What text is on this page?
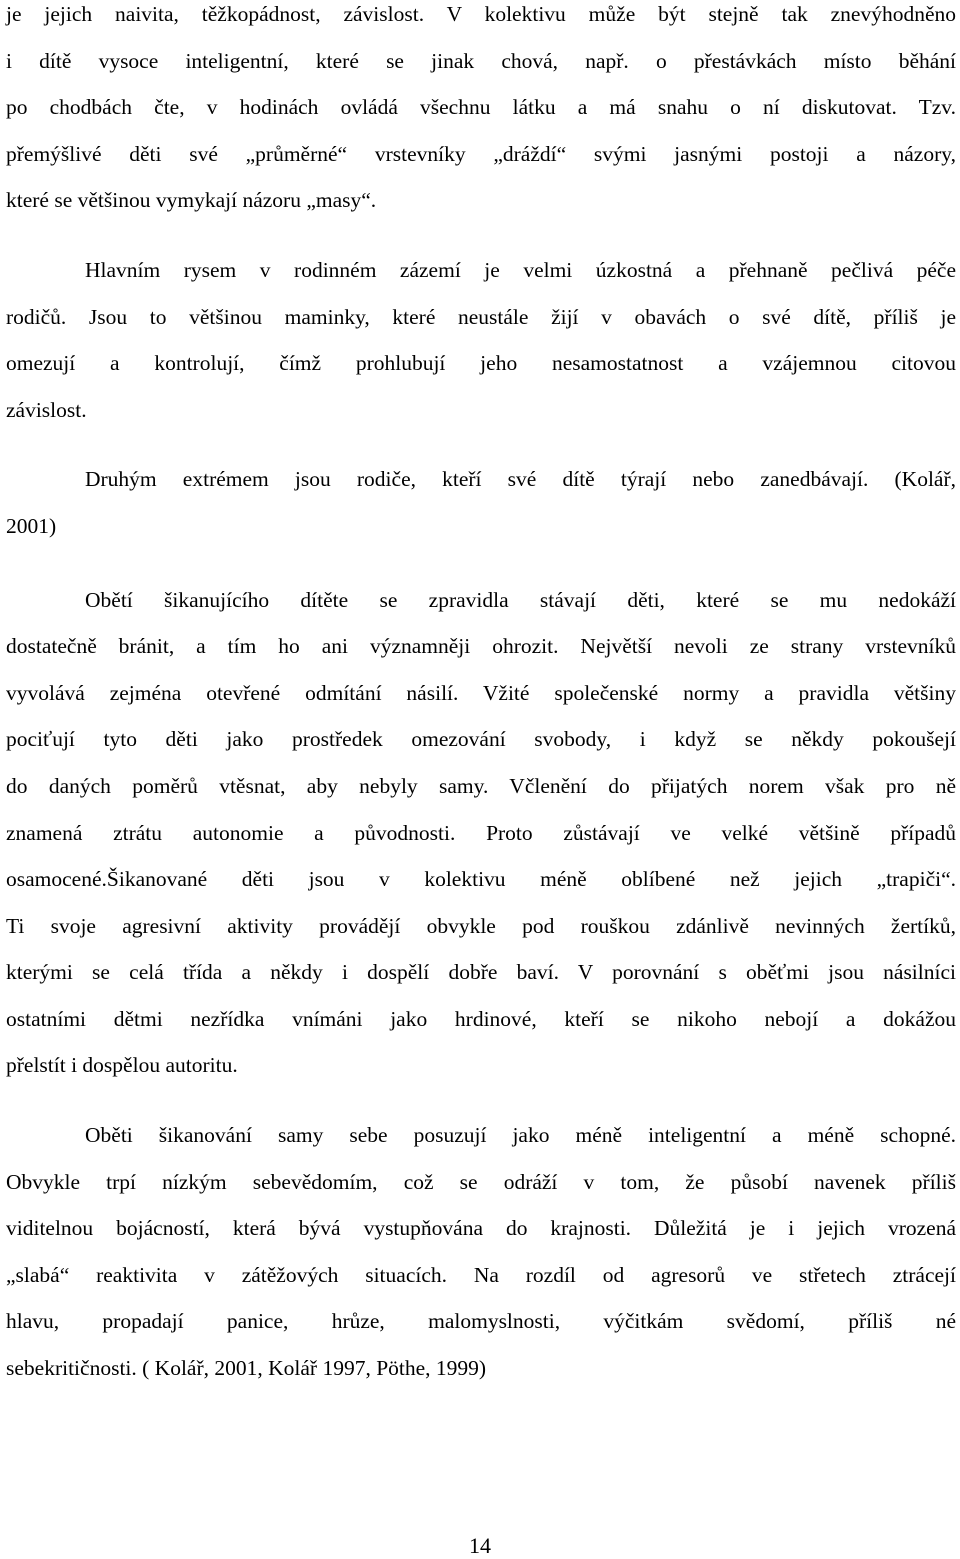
je jejich naivita, těžkopádnost, závislost. V kolektivu může být stejně tak znevýhodněno
i dítě vysoce inteligentní, které se jinak chová, např. o přestávkách místo běhání
po chodbách čte, v hodinách ovládá všechnu látku a má snahu o ní diskutovat. Tzv.
přemýšlivé děti své „průměrné“ vrstevníky „dráždí“ svými jasnými postoji a názory,
které se většinou vymykají názoru „masy“.
Hlavním rysem v rodinném zázemí je velmi úzkostná a přehnaně pečlivá péče
rodičů. Jsou to většinou maminky, které neustále žijí v obavách o své dítě, příliš je
omezují a kontrolují, čímž prohlubují jeho nesamostatnost a vzájemnou citovou
závislost.
Druhým extrémem jsou rodiče, kteří své dítě týrají nebo zanedbávají. (Kolář,
2001)
Obětí šikanujícího dítěte se zpravidla stávají děti, které se mu nedokáží
dostatečně bránit, a tím ho ani významněji ohrozit. Největší nevoli ze strany vrstevníků
vyvolává zejména otevřené odmítání násilí. Vžité společenské normy a pravidla většiny
pociťují tyto děti jako prostředek omezování svobody, i když se někdy pokoušejí
do daných poměrů vtěsnat, aby nebyly samy. Včlenění do přijatých norem však pro ně
znamená ztrátu autonomie a původnosti. Proto zůstávají ve velké většině případů
osamocené.Šikanované děti jsou v kolektivu méně oblíbené než jejich „trapiči“.
Ti svoje agresivní aktivity provádějí obvykle pod rouškou zdánlivě nevinných žertíků,
kterými se celá třída a někdy i dospělí dobře baví. V porovnání s oběťmi jsou násilníci
ostatními dětmi nezřídka vnímáni jako hrdinové, kteří se nikoho nebojí a dokážou
přelstít i dospělou autoritu.
Oběti šikanování samy sebe posuzují jako méně inteligentní a méně schopné.
Obvykle trpí nízkým sebevědomím, což se odráží v tom, že působí navenek příliš
viditelnou bojácností, která bývá vystupňována do krajnosti. Důležitá je i jejich vrozená
„slabá“ reaktivita v zátěžových situacích. Na rozdíl od agresorů ve střetech ztrácejí
hlavu, propadají panice, hrůze, malomyslnosti, výčitkám svědomí, příliš né
sebekritičnosti. ( Kolář, 2001, Kolář 1997, Pöthe, 1999)
14
